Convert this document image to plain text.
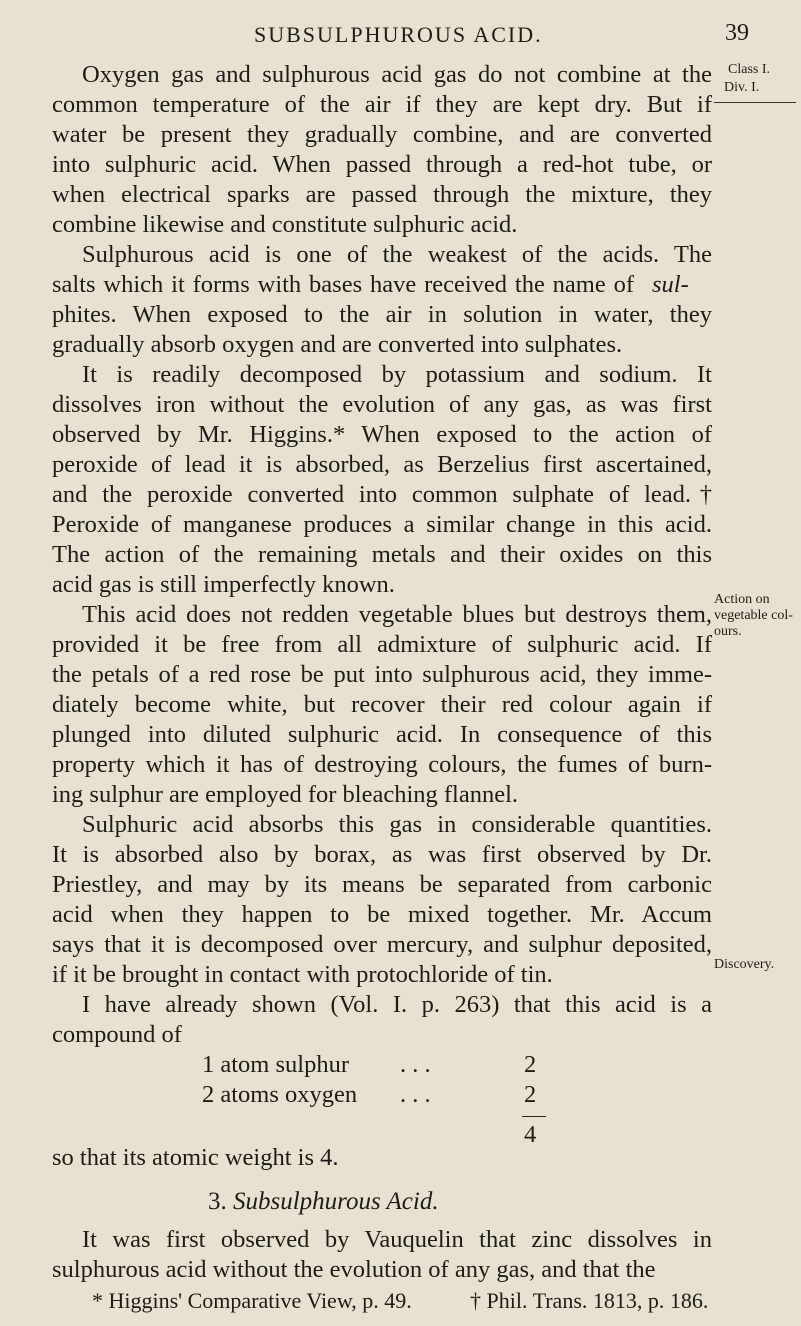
SUBSULPHUROUS ACID.	39
Class I.
Div. I.
Action on
vegetable col-
ours.
Discovery.
Oxygen gas and sulphurous acid gas do not combine at the
common temperature of the air if they are kept dry. But if
water be present they gradually combine, and are converted
into sulphuric acid. When passed through a red-hot tube, or
when electrical sparks are passed through the mixture, they
combine likewise and constitute sulphuric acid.
Sulphurous acid is one of the weakest of the acids. The
salts which it forms with bases have received the name of sul-
phites. When exposed to the air in solution in water, they
gradually absorb oxygen and are converted into sulphates.
It is readily decomposed by potassium and sodium. It
dissolves iron without the evolution of any gas, as was first
observed by Mr. Higgins.* When exposed to the action of
peroxide of lead it is absorbed, as Berzelius first ascertained,
and the peroxide converted into common sulphate of lead.†
Peroxide of manganese produces a similar change in this acid.
The action of the remaining metals and their oxides on this
acid gas is still imperfectly known.
This acid does not redden vegetable blues but destroys them,
provided it be free from all admixture of sulphuric acid. If
the petals of a red rose be put into sulphurous acid, they imme-
diately become white, but recover their red colour again if
plunged into diluted sulphuric acid. In consequence of this
property which it has of destroying colours, the fumes of burn-
ing sulphur are employed for bleaching flannel.
Sulphuric acid absorbs this gas in considerable quantities.
It is absorbed also by borax, as was first observed by Dr.
Priestley, and may by its means be separated from carbonic
acid when they happen to be mixed together. Mr. Accum
says that it is decomposed over mercury, and sulphur deposited,
if it be brought in contact with protochloride of tin.
I have already shown (Vol. I. p. 263) that this acid is a
compound of
1 atom sulphur . . .	2
2 atoms oxygen . . .	2
4
so that its atomic weight is 4.
3. Subsulphurous Acid.
It was first observed by Vauquelin that zinc dissolves in
sulphurous acid without the evolution of any gas, and that the
* Higgins' Comparative View, p. 49.	† Phil. Trans. 1813, p. 186.
